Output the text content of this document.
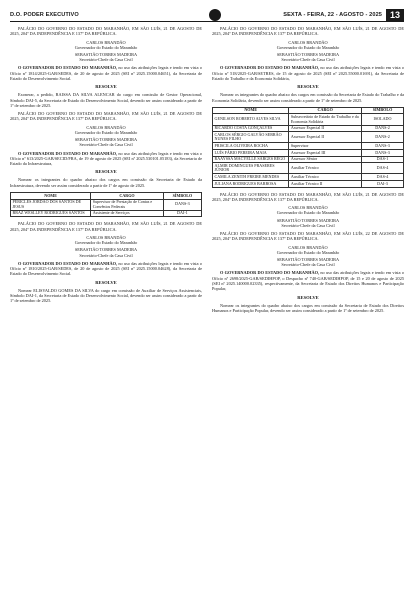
D.O. PODER EXECUTIVO	SEXTA - FEIRA, 22 - AGOSTO - 2025 13

PALÁCIO DO GOVERNO DO ESTADO DO MARANHÃO, EM SÃO LUÍS, 21 DE AGOSTO DE 2025, 204º DA INDEPENDÊNCIA E 137º DA REPÚBLICA.

CARLOS BRANDÃO

Governador do Estado do Maranhão

SEBASTIÃO TORRES MADEIRA

Secretário-Chefe da Casa Civil

O GOVERNADOR DO ESTADO DO MARANHÃO, no uso das atribuições legais e tendo em vista o Ofício nº 1814/2025-GAB/SEDES, de 20 de agosto de 2025 (SEI nº 2025.15000.04651), da Secretaria de Estado do Desenvolvimento Social.

RESOLVE

Exonerar, a pedido, RAISSA DA SILVA ALENCAR do cargo em comissão de Gestor Operacional, Símbolo DAI-5, da Secretaria de Estado do Desenvolvimento Social, devendo ser assim considerado a partir de 1º de setembro de 2025.

PALÁCIO DO GOVERNO DO ESTADO DO MARANHÃO, EM SÃO LUÍS, 21 DE AGOSTO DE 2025, 204º DA INDEPENDÊNCIA E 137º DA REPÚBLICA.

CARLOS BRANDÃO

Governador do Estado do Maranhão

SEBASTIÃO TORRES MADEIRA

Secretário-Chefe da Casa Civil

O GOVERNADOR DO ESTADO DO MARANHÃO, no uso das atribuições legais e tendo em vista o Ofício nº 613/2025-GAB/SECID/FRA, de 19 de agosto de 2025 (SEI nº 2025.530101.05183), da Secretaria de Estado da Infraestrutura,

RESOLVE

Nomear os integrantes do quadro abaixo dos cargos em comissão da Secretaria de Estado da Infraestrutura, devendo ser assim considerado a partir de 1º de agosto de 2025.

NOME	CARGO	SÍMBOLO
PÉRICLES JORDÃO DOS SANTOS DE JESUS	Supervisor de Prestação de Contas e Convênios Federais	DANS-3
BRAZ WESLLEY RODRIGUES SANTOS	Assistente de Serviços	DAI-1

PALÁCIO DO GOVERNO DO ESTADO DO MARANHÃO, EM SÃO LUÍS, 21 DE AGOSTO DE 2025, 204º DA INDEPENDÊNCIA E 137º DA REPÚBLICA.

CARLOS BRANDÃO

Governador do Estado do Maranhão

SEBASTIÃO TORRES MADEIRA

Secretário-Chefe da Casa Civil

O GOVERNADOR DO ESTADO DO MARANHÃO, no uso das atribuições legais e tendo em vista o Ofício nº 1810/2025-GAB/SEDES, de 20 de agosto de 2025 (SEI nº 2025.15000.04628), da Secretaria de Estado do Desenvolvimento Social.

RESOLVE

Nomear ELISVALDO GOMES DA SILVA do cargo em comissão de Auxiliar de Serviços Assistenciais, Símbolo DAI-1, da Secretaria de Estado do Desenvolvimento Social, devendo ser assim considerado a partir de 1º de setembro de 2025.

PALÁCIO DO GOVERNO DO ESTADO DO MARANHÃO, EM SÃO LUÍS, 21 DE AGOSTO DE 2025, 204º DA INDEPENDÊNCIA E 137º DA REPÚBLICA.

CARLOS BRANDÃO

Governador do Estado do Maranhão

SEBASTIÃO TORRES MADEIRA

Secretário-Chefe da Casa Civil

O GOVERNADOR DO ESTADO DO MARANHÃO, no uso das atribuições legais e tendo em vista o Ofício nº 518/2025-GAB/SETRES, de 15 de agosto de 2025 (SEI nº 2025.55000.01691), da Secretaria de Estado do Trabalho e da Economia Solidária,

RESOLVE

Nomear os integrantes do quadro abaixo dos cargos em comissão da Secretaria de Estado do Trabalho e da Economia Solidária, devendo ser assim considerado a partir de 1º de setembro de 2025.

NOME	CARGO	SÍMBOLO
GENILSON ROBERTO ALVES SILVA	Subsecretário de Estado do Trabalho e da Economia Solidária	ISOLADO
RICARDO COSTA GONÇALVES	Assessor Especial II	DANS-2
CARLOS SÉRGIO GALVÃO SERRÃO NUNES FILHO	Assessor Especial II	DANS-2
PRISCILA OLIVEIRA ROCHA	Supervisor	DANS-3
LUÍS FÁBIO PEREIRA MAIA	Assessor Especial III	DANS-3
RAAYSSA MACYELLE SARGES RÊGO	Assessor Sênior	DAS-1
ALMIR DOMINGUES PRASERES JÚNIOR	Auxiliar Técnico	DAS-4
CAMILA ZENITH FREIRE MENDES	Auxiliar Técnico	DAS-4
JULIANA RODRIGUES BARBOSA	Auxiliar Técnico II	DAI-3

PALÁCIO DO GOVERNO DO ESTADO DO MARANHÃO, EM SÃO LUÍS, 21 DE AGOSTO DE 2025, 204º DA INDEPENDÊNCIA E 137º DA REPÚBLICA.

CARLOS BRANDÃO

Governador do Estado do Maranhão

SEBASTIÃO TORRES MADEIRA

Secretário-Chefe da Casa Civil

PALÁCIO DO GOVERNO DO ESTADO DO MARANHÃO, EM SÃO LUÍS, 22 DE AGOSTO DE 2025, 204º DA INDEPENDÊNCIA E 137º DA REPÚBLICA.

CARLOS BRANDÃO

Governador do Estado do Maranhão

SEBASTIÃO TORRES MADEIRA

Secretário-Chefe da Casa Civil

O GOVERNADOR DO ESTADO DO MARANHÃO, no uso das atribuições legais e tendo em vista o Ofício nº 2698/2025-GAB/SEDIHPOP, o Despacho nº 740-GAB/SEDIHPOP, de 15 e 20 de agosto de 2025 (SEI nº 2025.140000.02335), respectivamente, da Secretaria de Estado dos Direitos Humanos e Participação Popular,

RESOLVE

Nomear os integrantes do quadro abaixo dos cargos em comissão da Secretaria de Estado dos Direitos Humanos e Participação Popular, devendo ser assim considerado a partir de 1º de setembro de 2025.
